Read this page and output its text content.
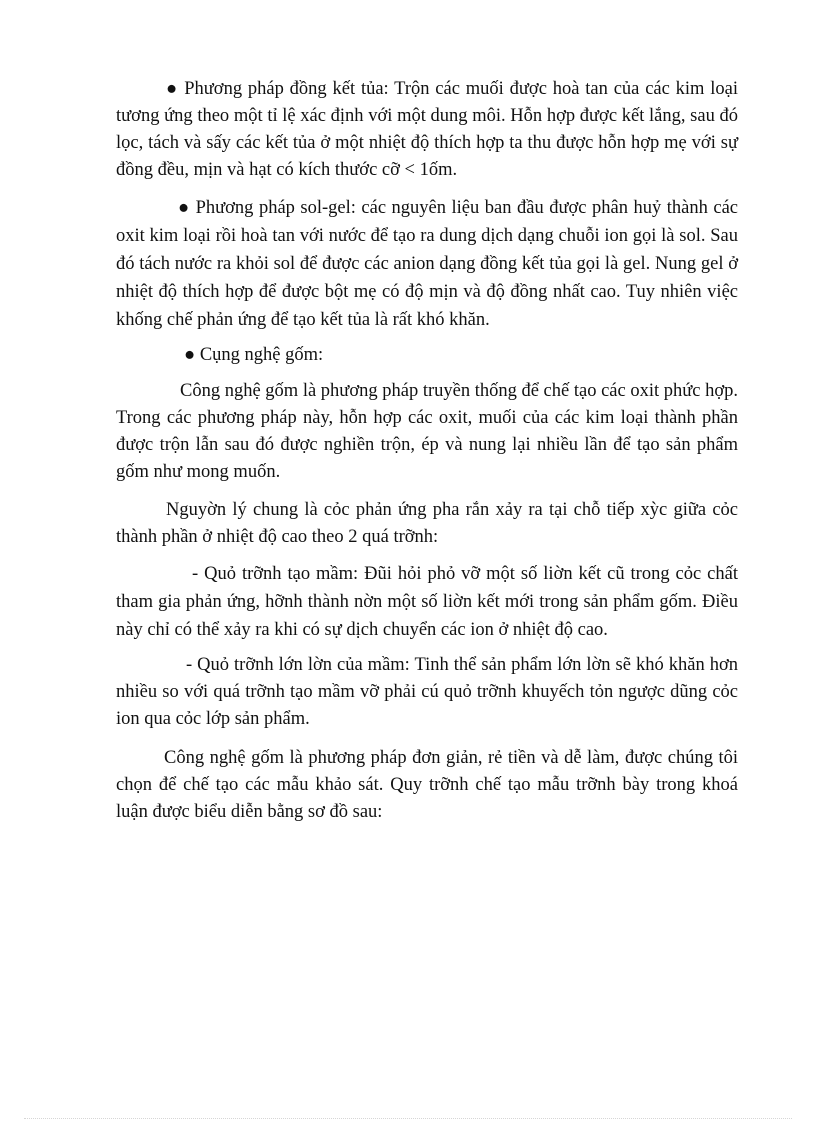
● Phương pháp đồng kết tủa: Trộn các muối được hoà tan của các kim loại tương ứng theo một tỉ lệ xác định với một dung môi. Hỗn hợp được kết lắng, sau đó lọc, tách và sấy các kết tủa ở một nhiệt độ thích hợp ta thu được hỗn hợp mẹ với sự đồng đều, mịn và hạt có kích thước cỡ < 1ốm.

● Phương pháp sol-gel: các nguyên liệu ban đầu được phân huỷ thành các oxit kim loại rồi hoà tan với nước để tạo ra dung dịch dạng chuỗi ion gọi là sol. Sau đó tách nước ra khỏi sol để được các anion dạng đồng kết tủa gọi là gel. Nung gel ở nhiệt độ thích hợp để được bột mẹ có độ mịn và độ đồng nhất cao. Tuy nhiên việc khống chế phản ứng để tạo kết tủa là rất khó khăn.

● Cụng nghệ gốm:

Công nghệ gốm là phương pháp truyền thống để chế tạo các oxit phức hợp. Trong các phương pháp này, hỗn hợp các oxit, muối của các kim loại thành phần được trộn lẫn sau đó được nghiền trộn, ép và nung lại nhiều lần để tạo sản phẩm gốm như mong muốn.

Nguyờn lý chung là cỏc phản ứng pha rắn xảy ra tại chỗ tiếp xỳc giữa cỏc thành phần ở nhiệt độ cao theo 2 quá trỡnh:

- Quỏ trỡnh tạo mầm: Đũi hỏi phỏ vỡ một số liờn kết cũ trong cỏc chất tham gia phản ứng, hỡnh thành nờn một số liờn kết mới trong sản phẩm gốm. Điều này chỉ có thể xảy ra khi có sự dịch chuyển các ion ở nhiệt độ cao.

- Quỏ trỡnh lớn lờn của mầm: Tinh thể sản phẩm lớn lờn sẽ khó khăn hơn nhiều so với quá trỡnh tạo mầm vỡ phải cú quỏ trỡnh khuyếch tỏn ngược dũng cỏc ion qua cỏc lớp sản phẩm.

Công nghệ gốm là phương pháp đơn giản, rẻ tiền và dễ làm, được chúng tôi chọn để chế tạo các mẫu khảo sát. Quy trỡnh chế tạo mẫu trỡnh bày trong khoá luận được biểu diễn bằng sơ đồ sau:
